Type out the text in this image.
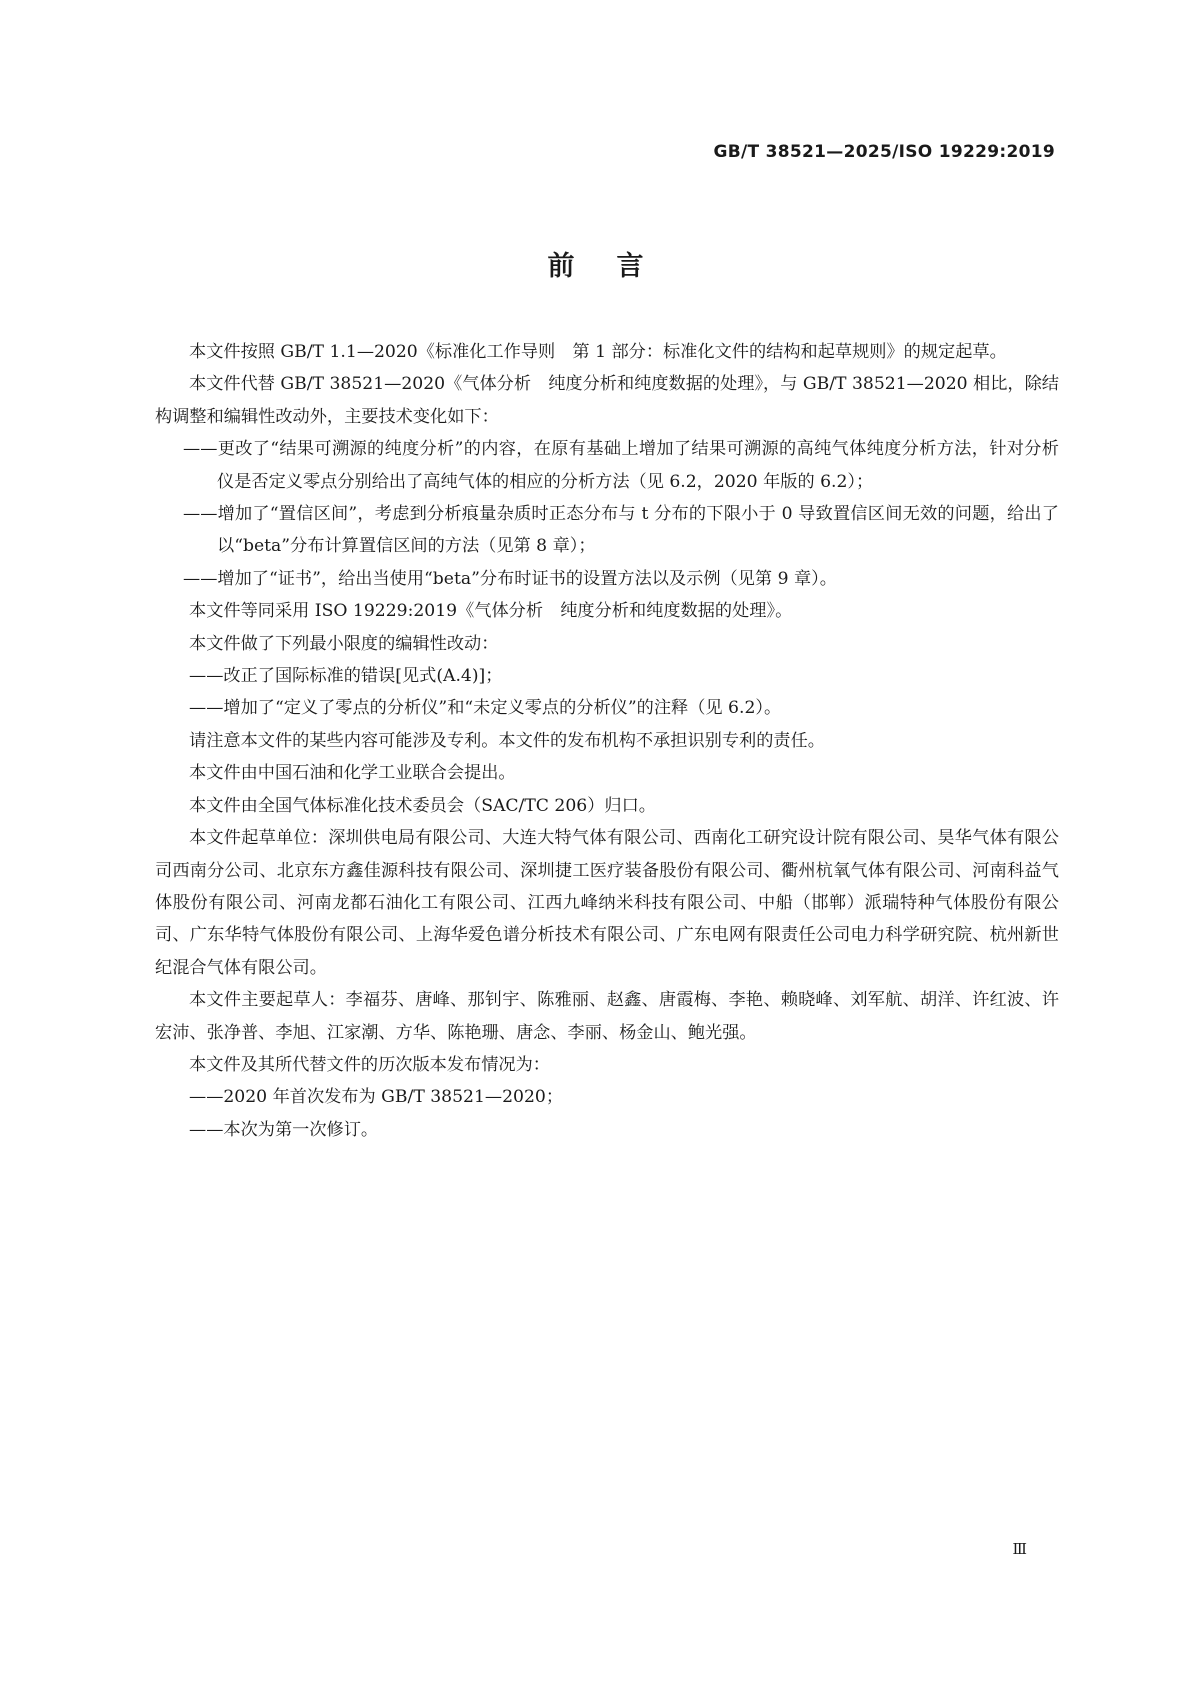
GB/T 38521—2025/ISO 19229:2019
前言

本文件按照 GB/T 1.1—2020《标准化工作导则　第 1 部分：标准化文件的结构和起草规则》的规定起草。

本文件代替 GB/T 38521—2020《气体分析　纯度分析和纯度数据的处理》，与 GB/T 38521—2020 相比，除结构调整和编辑性改动外，主要技术变化如下：

——更改了“结果可溯源的纯度分析”的内容，在原有基础上增加了结果可溯源的高纯气体纯度分析方法，针对分析仪是否定义零点分别给出了高纯气体的相应的分析方法（见 6.2，2020 年版的 6.2）；

——增加了“置信区间”，考虑到分析痕量杂质时正态分布与 t 分布的下限小于 0 导致置信区间无效的问题，给出了以“beta”分布计算置信区间的方法（见第 8 章）；

——增加了“证书”，给出当使用“beta”分布时证书的设置方法以及示例（见第 9 章）。

本文件等同采用 ISO 19229:2019《气体分析　纯度分析和纯度数据的处理》。

本文件做了下列最小限度的编辑性改动：

——改正了国际标准的错误[见式(A.4)]；

——增加了“定义了零点的分析仪”和“未定义零点的分析仪”的注释（见 6.2）。

请注意本文件的某些内容可能涉及专利。本文件的发布机构不承担识别专利的责任。

本文件由中国石油和化学工业联合会提出。

本文件由全国气体标准化技术委员会（SAC/TC 206）归口。

本文件起草单位：深圳供电局有限公司、大连大特气体有限公司、西南化工研究设计院有限公司、昊华气体有限公司西南分公司、北京东方鑫佳源科技有限公司、深圳捷工医疗装备股份有限公司、衢州杭氧气体有限公司、河南科益气体股份有限公司、河南龙都石油化工有限公司、江西九峰纳米科技有限公司、中船（邯郸）派瑞特种气体股份有限公司、广东华特气体股份有限公司、上海华爱色谱分析技术有限公司、广东电网有限责任公司电力科学研究院、杭州新世纪混合气体有限公司。

本文件主要起草人：李福芬、唐峰、那钊宇、陈雅丽、赵鑫、唐霞梅、李艳、赖晓峰、刘军航、胡洋、许红波、许宏沛、张净普、李旭、江家潮、方华、陈艳珊、唐念、李丽、杨金山、鲍光强。

本文件及其所代替文件的历次版本发布情况为：

——2020 年首次发布为 GB/T 38521—2020；

——本次为第一次修订。

Ⅲ
